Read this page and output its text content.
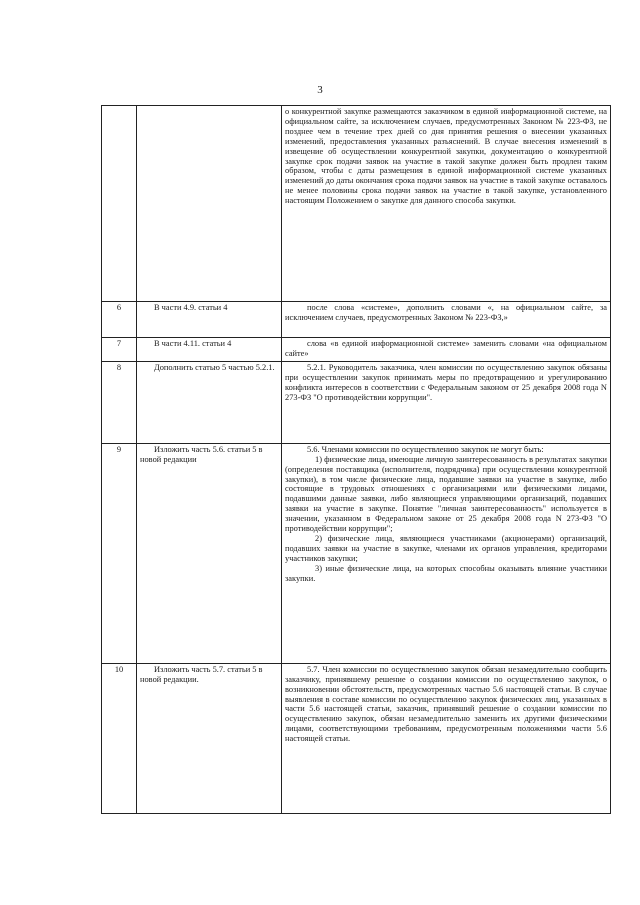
3

		о конкурентной закупке размещаются заказчиком в единой информационной системе, на официальном сайте, за исключением случаев, предусмотренных Законом № 223-ФЗ, не позднее чем в течение трех дней со дня принятия решения о внесении указанных изменений, предоставления указанных разъяснений. В случае внесения изменений в извещение об осуществлении конкурентной закупки, документацию о конкурентной закупке срок подачи заявок на участие в такой закупке должен быть продлен таким образом, чтобы с даты размещения в единой информационной системе указанных изменений до даты окончания срока подачи заявок на участие в такой закупке оставалось не менее половины срока подачи заявок на участие в такой закупке, установленного настоящим Положением о закупке для данного способа закупки.

6	В части 4.9. статьи 4	после слова «системе», дополнить словами «, на официальном сайте, за исключением случаев, предусмотренных Законом № 223-ФЗ,»

7	В части 4.11. статьи 4	слова «в единой информационной системе» заменить словами «на официальном сайте»

8	Дополнить статью 5 частью 5.2.1.	5.2.1. Руководитель заказчика, член комиссии по осуществлению закупок обязаны при осуществлении закупок принимать меры по предотвращению и урегулированию конфликта интересов в соответствии с Федеральным законом от 25 декабря 2008 года N 273-ФЗ "О противодействии коррупции".

9	Изложить часть 5.6. статьи 5 в новой редакции	5.6. Членами комиссии по осуществлению закупок не могут быть:
1) физические лица, имеющие личную заинтересованность в результатах закупки (определения поставщика (исполнителя, подрядчика) при осуществлении конкурентной закупки), в том числе физические лица, подавшие заявки на участие в закупке, либо состоящие в трудовых отношениях с организациями или физическими лицами, подавшими данные заявки, либо являющиеся управляющими организаций, подавших заявки на участие в закупке. Понятие "личная заинтересованность" используется в значении, указанном в Федеральном законе от 25 декабря 2008 года N 273-ФЗ "О противодействии коррупции";
2) физические лица, являющиеся участниками (акционерами) организаций, подавших заявки на участие в закупке, членами их органов управления, кредиторами участников закупки;
3) иные физические лица, на которых способны оказывать влияние участники закупки.

10	Изложить часть 5.7. статьи 5 в новой редакции.	5.7. Член комиссии по осуществлению закупок обязан незамедлительно сообщить заказчику, принявшему решение о создании комиссии по осуществлению закупок, о возникновении обстоятельств, предусмотренных частью 5.6 настоящей статьи. В случае выявления в составе комиссии по осуществлению закупок физических лиц, указанных в части 5.6 настоящей статьи, заказчик, принявший решение о создании комиссии по осуществлению закупок, обязан незамедлительно заменить их другими физическими лицами, соответствующими требованиям, предусмотренным положениями части 5.6 настоящей статьи.
